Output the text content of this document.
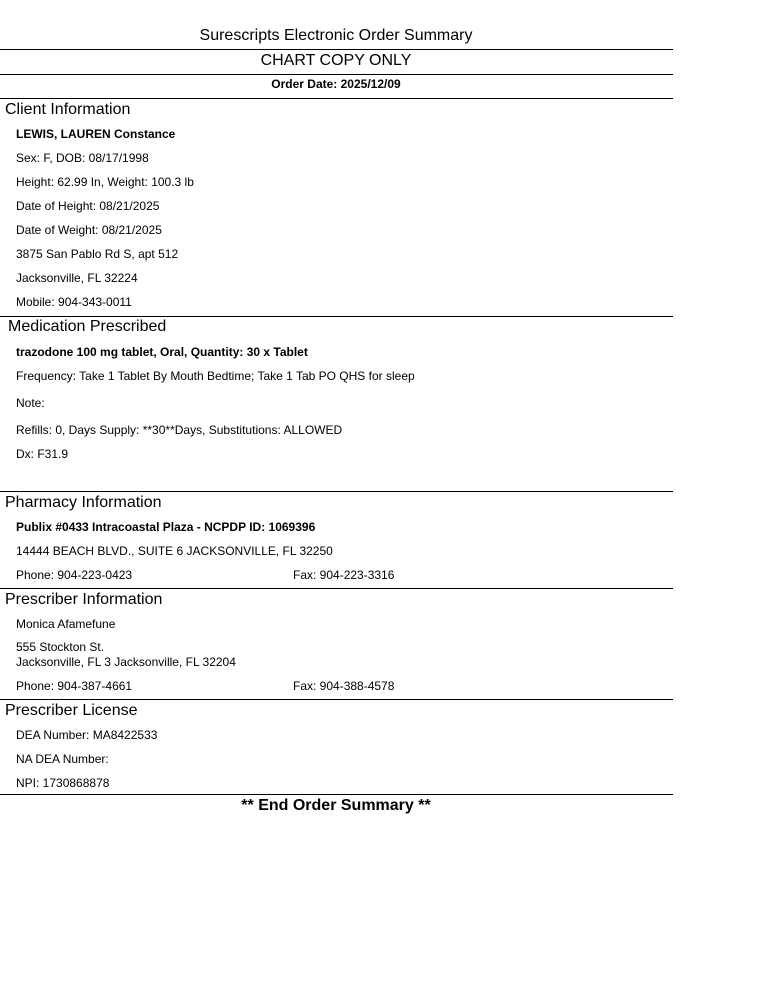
Surescripts Electronic Order Summary
CHART COPY ONLY
Order Date: 2025/12/09
Client Information
LEWIS, LAUREN Constance
Sex: F, DOB: 08/17/1998
Height: 62.99 In, Weight: 100.3 lb
Date of Height: 08/21/2025
Date of Weight: 08/21/2025
3875 San Pablo Rd S, apt 512
Jacksonville, FL 32224
Mobile: 904-343-0011
Medication Prescribed
trazodone 100 mg tablet, Oral, Quantity: 30 x Tablet
Frequency: Take 1 Tablet By Mouth Bedtime; Take 1 Tab PO QHS for sleep
Note:
Refills: 0, Days Supply: **30**Days, Substitutions: ALLOWED
Dx: F31.9
Pharmacy Information
Publix #0433 Intracoastal Plaza - NCPDP ID: 1069396
14444 BEACH BLVD., SUITE 6 JACKSONVILLE, FL 32250
Phone: 904-223-0423	Fax: 904-223-3316
Prescriber Information
Monica Afamefune
555 Stockton St.
Jacksonville, FL 3 Jacksonville, FL 32204
Phone: 904-387-4661	Fax: 904-388-4578
Prescriber License
DEA Number: MA8422533
NA DEA Number:
NPI: 1730868878
** End Order Summary **
